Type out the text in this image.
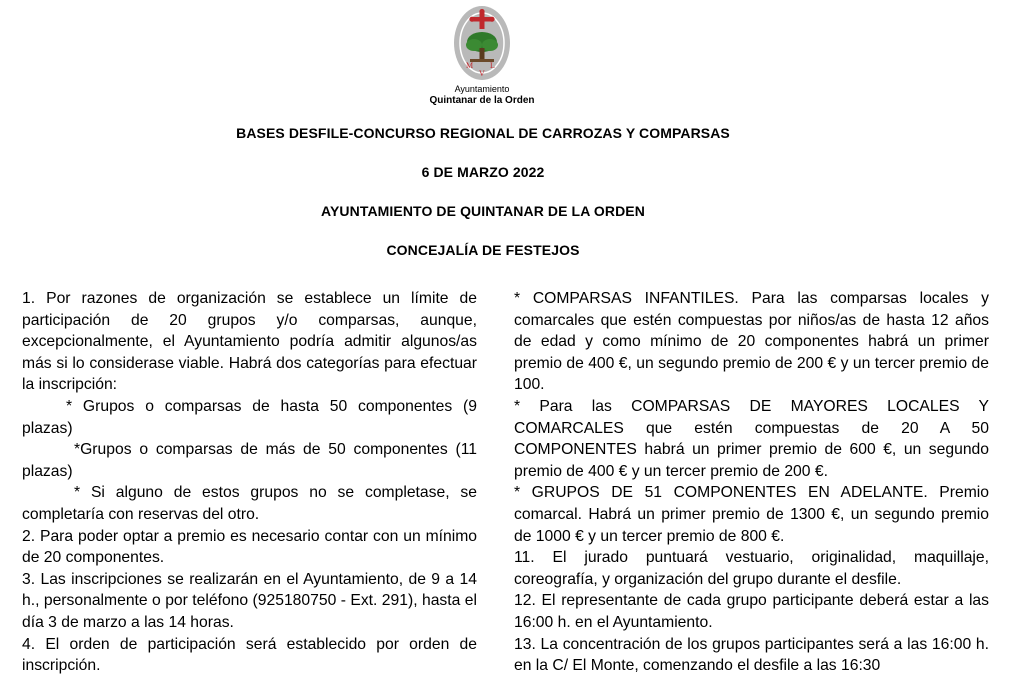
M L
V
Ayuntamiento
Quintanar de la Orden
BASES DESFILE-CONCURSO REGIONAL DE CARROZAS Y COMPARSAS
6 DE MARZO 2022
AYUNTAMIENTO DE QUINTANAR DE LA ORDEN
CONCEJALÍA DE FESTEJOS

1. Por razones de organización se establece un límite de participación de 20 grupos y/o comparsas, aunque, excepcionalmente, el Ayuntamiento podría admitir algunos/as más si lo considerase viable. Habrá dos categorías para efectuar la inscripción:

* Grupos o comparsas de hasta 50 componentes (9 plazas)

*Grupos o comparsas de más de 50 componentes (11 plazas)

* Si alguno de estos grupos no se completase, se completaría con reservas del otro.

2. Para poder optar a premio es necesario contar con un mínimo de 20 componentes.

3. Las inscripciones se realizarán en el Ayuntamiento, de 9 a 14 h., personalmente o por teléfono (925180750 - Ext. 291), hasta el día 3 de marzo a las 14 horas.

4. El orden de participación será establecido por orden de inscripción.

* COMPARSAS INFANTILES. Para las comparsas locales y comarcales que estén compuestas por niños/as de hasta 12 años de edad y como mínimo de 20 componentes habrá un primer premio de 400 €, un segundo premio de 200 € y un tercer premio de 100.

* Para las COMPARSAS DE MAYORES LOCALES Y COMARCALES que estén compuestas de 20 A 50 COMPONENTES habrá un primer premio de 600 €, un segundo premio de 400 € y un tercer premio de 200 €.

* GRUPOS DE 51 COMPONENTES EN ADELANTE. Premio comarcal. Habrá un primer premio de 1300 €, un segundo premio de 1000 € y un tercer premio de 800 €.

11. El jurado puntuará vestuario, originalidad, maquillaje, coreografía, y organización del grupo durante el desfile.

12. El representante de cada grupo participante deberá estar a las 16:00 h. en el Ayuntamiento.

13. La concentración de los grupos participantes será a las 16:00 h. en la C/ El Monte, comenzando el desfile a las 16:30
